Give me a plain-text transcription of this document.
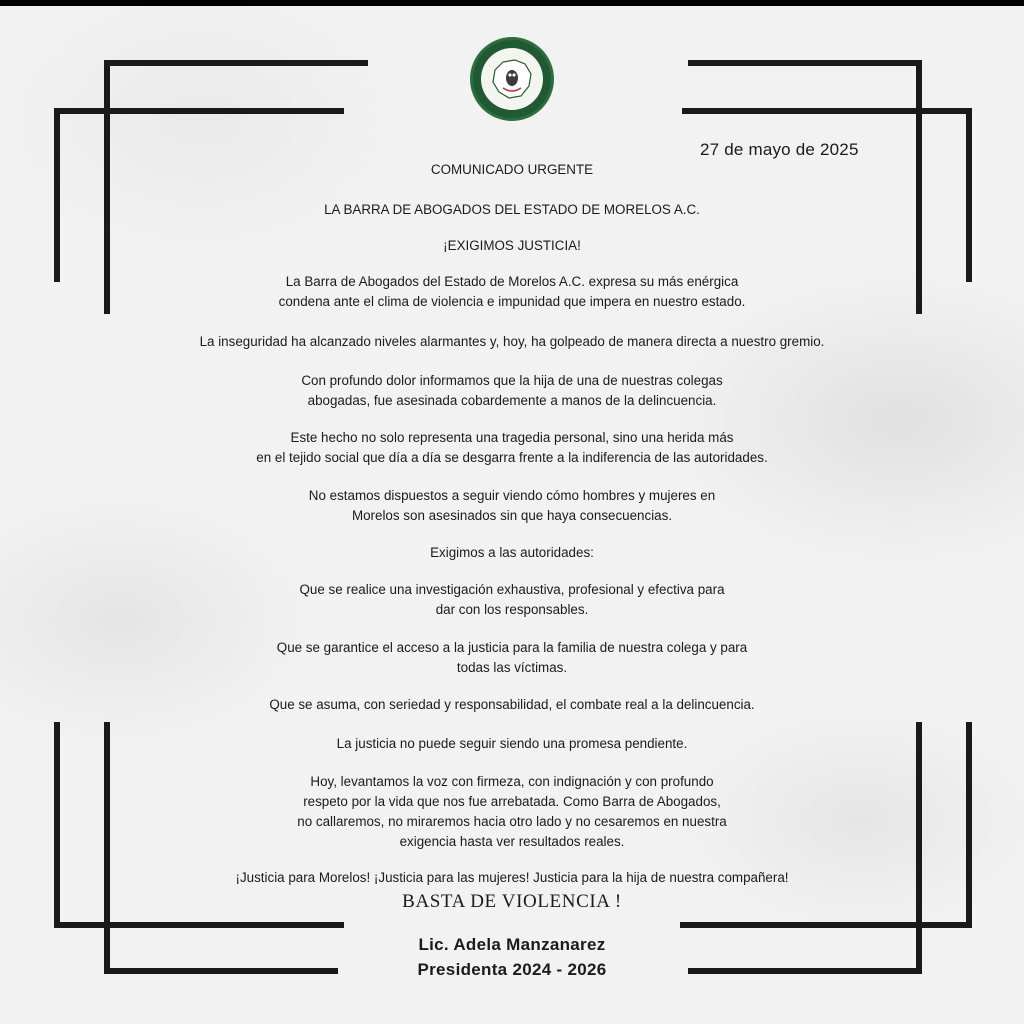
27 de mayo de 2025

COMUNICADO URGENTE

LA BARRA DE ABOGADOS DEL ESTADO DE MORELOS A.C.

¡EXIGIMOS JUSTICIA!

La Barra de Abogados del Estado de Morelos A.C. expresa su más enérgica
condena ante el clima de violencia e impunidad que impera en nuestro estado.

La inseguridad ha alcanzado niveles alarmantes y, hoy, ha golpeado de manera directa a nuestro gremio.

Con profundo dolor informamos que la hija de una de nuestras colegas
abogadas, fue asesinada cobardemente a manos de la delincuencia.

Este hecho no solo representa una tragedia personal, sino una herida más
en el tejido social que día a día se desgarra frente a la indiferencia de las autoridades.

No estamos dispuestos a seguir viendo cómo hombres y mujeres en
Morelos son asesinados sin que haya consecuencias.

Exigimos a las autoridades:

Que se realice una investigación exhaustiva, profesional y efectiva para
dar con los responsables.

Que se garantice el acceso a la justicia para la familia de nuestra colega y para
todas las víctimas.

Que se asuma, con seriedad y responsabilidad, el combate real a la delincuencia.

La justicia no puede seguir siendo una promesa pendiente.

Hoy, levantamos la voz con firmeza, con indignación y con profundo
respeto por la vida que nos fue arrebatada. Como Barra de Abogados,
no callaremos, no miraremos hacia otro lado y no cesaremos en nuestra
exigencia hasta ver resultados reales.

¡Justicia para Morelos! ¡Justicia para las mujeres! Justicia para la hija de nuestra compañera!

BASTA DE VIOLENCIA !
Lic. Adela Manzanarez
Presidenta 2024 - 2026
